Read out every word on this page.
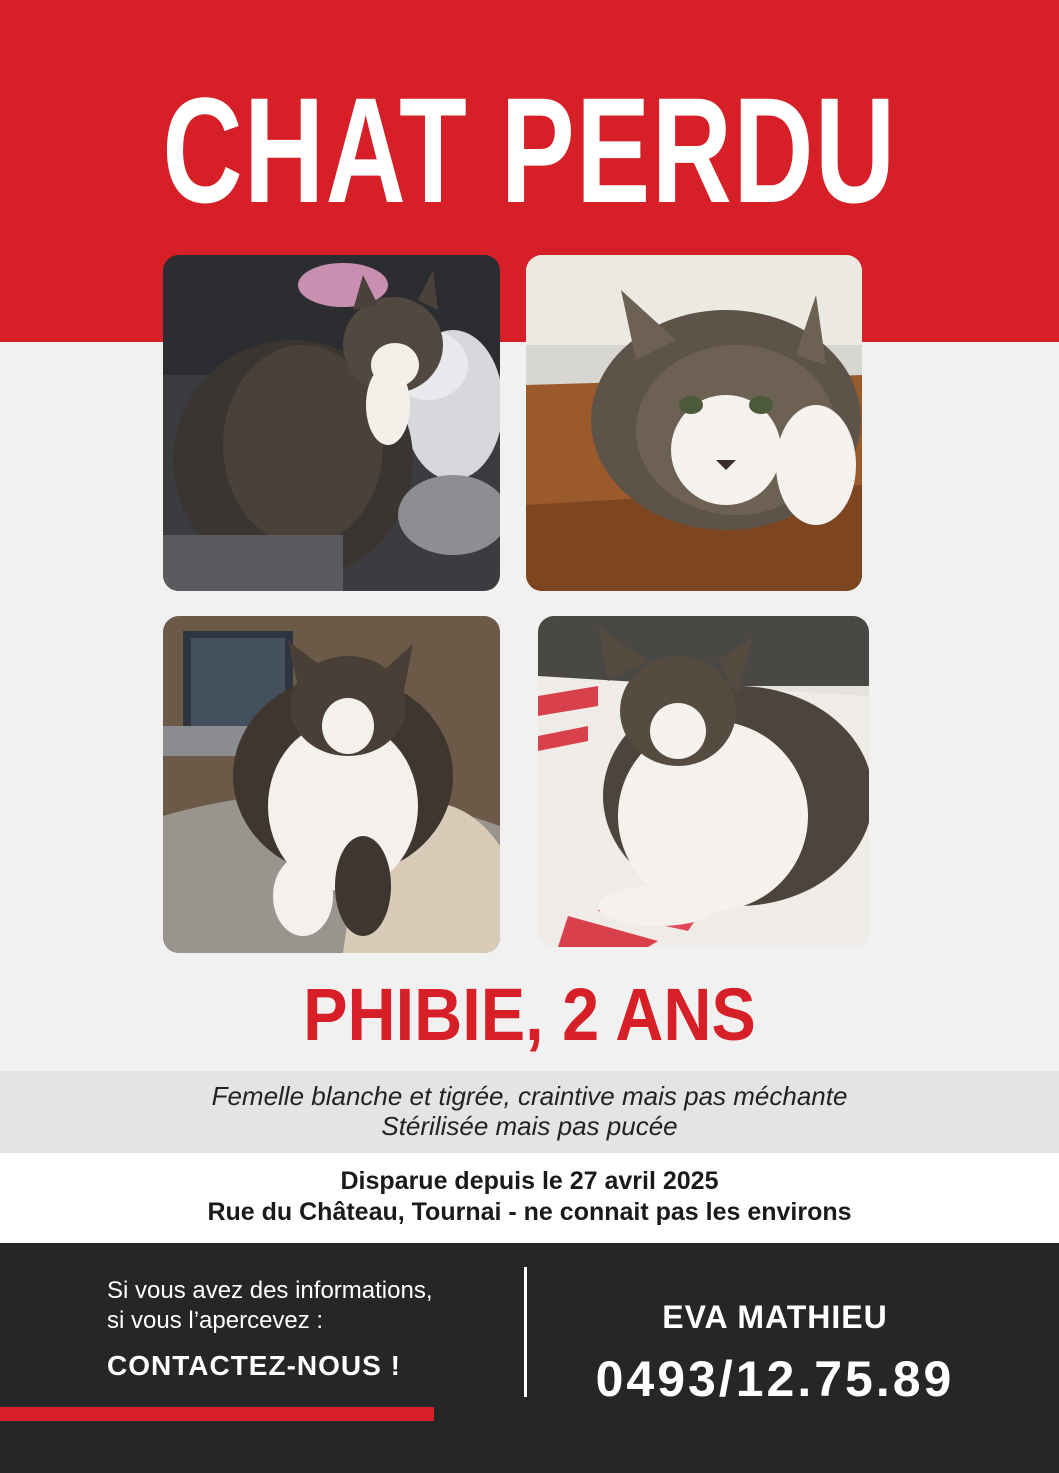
CHAT PERDU
PHIBIE, 2 ANS
Femelle blanche et tigrée, craintive mais pas méchante
Stérilisée mais pas pucée
Disparue depuis le 27 avril 2025
Rue du Château, Tournai - ne connait pas les environs
Si vous avez des informations,
si vous l’apercevez :
CONTACTEZ-NOUS !
EVA MATHIEU
0493/12.75.89
